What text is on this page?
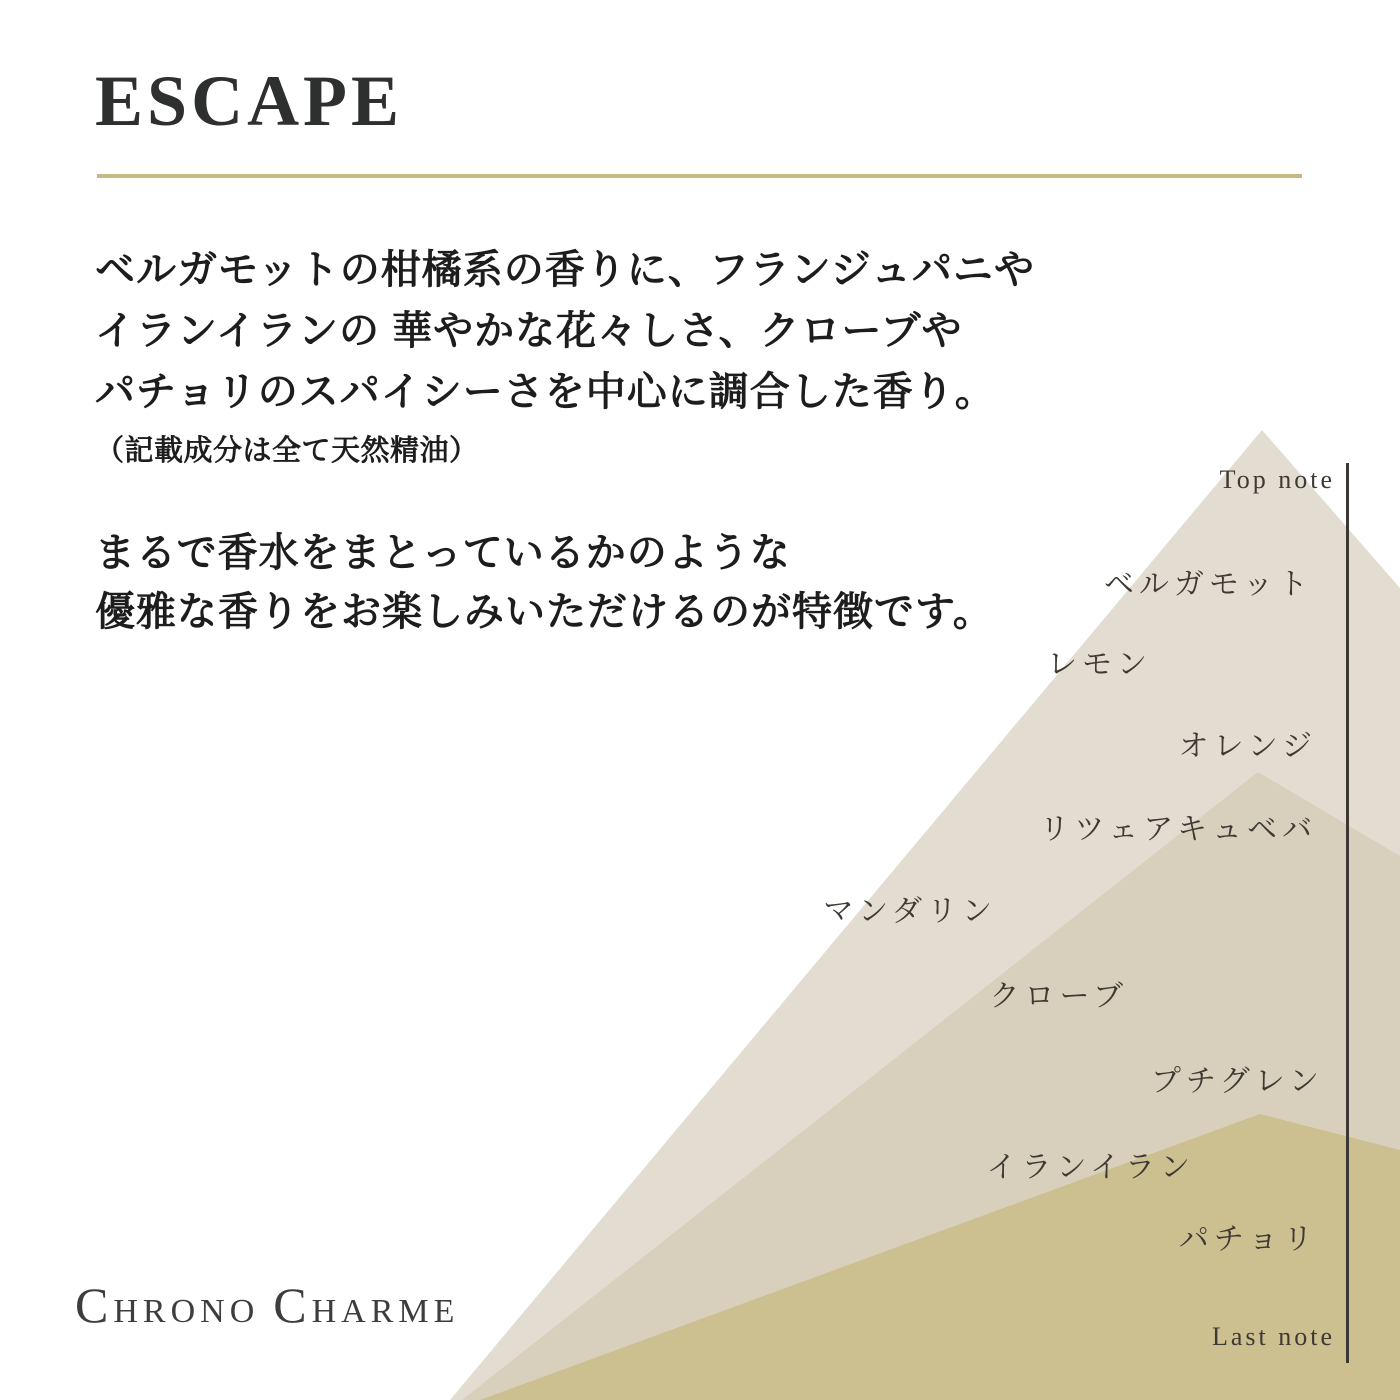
ESCAPE
ベルガモットの柑橘系の香りに、フランジュパニや
イランイランの 華やかな花々しさ、クローブや
パチョリのスパイシーさを中心に調合した香り。
（記載成分は全て天然精油）
まるで香水をまとっているかのような
優雅な香りをお楽しみいただけるのが特徴です。
Top note
Last note
ベルガモット
レモン
オレンジ
リツェアキュベバ
マンダリン
クローブ
プチグレン
イランイラン
パチョリ
CHRONO CHARME
